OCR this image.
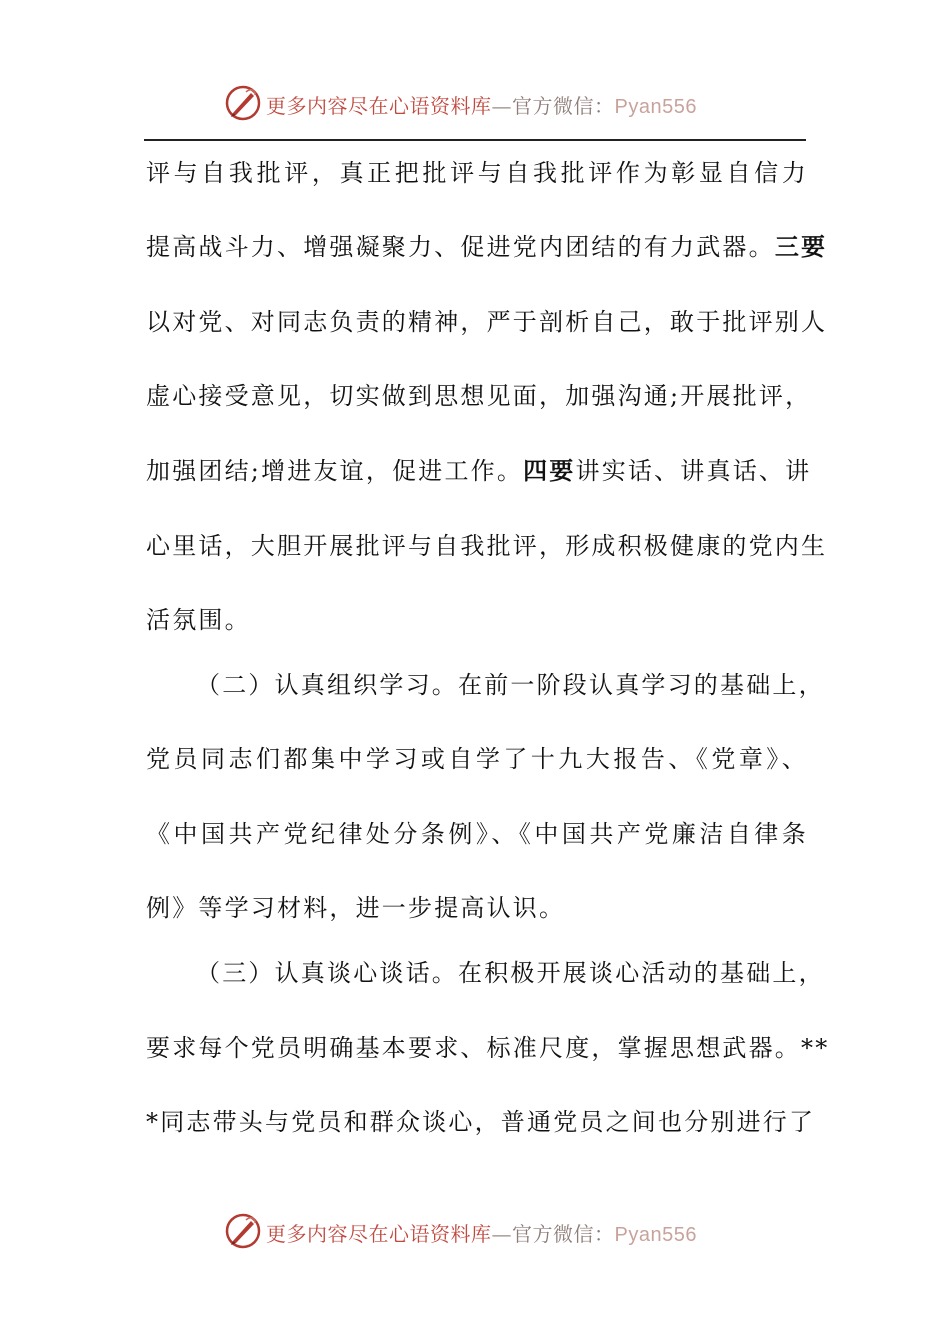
更多内容尽在心语资料库—官方微信：Pyan556
评与自我批评，真正把批评与自我批评作为彰显自信力
提高战斗力、增强凝聚力、促进党内团结的有力武器。三要
以对党、对同志负责的精神，严于剖析自己，敢于批评别人
虚心接受意见，切实做到思想见面，加强沟通;开展批评，
加强团结;增进友谊，促进工作。四要讲实话、讲真话、讲
心里话，大胆开展批评与自我批评，形成积极健康的党内生
活氛围。
（二）认真组织学习。在前一阶段认真学习的基础上，
党员同志们都集中学习或自学了十九大报告、《党章》、
《中国共产党纪律处分条例》、《中国共产党廉洁自律条
例》等学习材料，进一步提高认识。
（三）认真谈心谈话。在积极开展谈心活动的基础上，
要求每个党员明确基本要求、标准尺度，掌握思想武器。**
*同志带头与党员和群众谈心，普通党员之间也分别进行了
更多内容尽在心语资料库—官方微信：Pyan556
